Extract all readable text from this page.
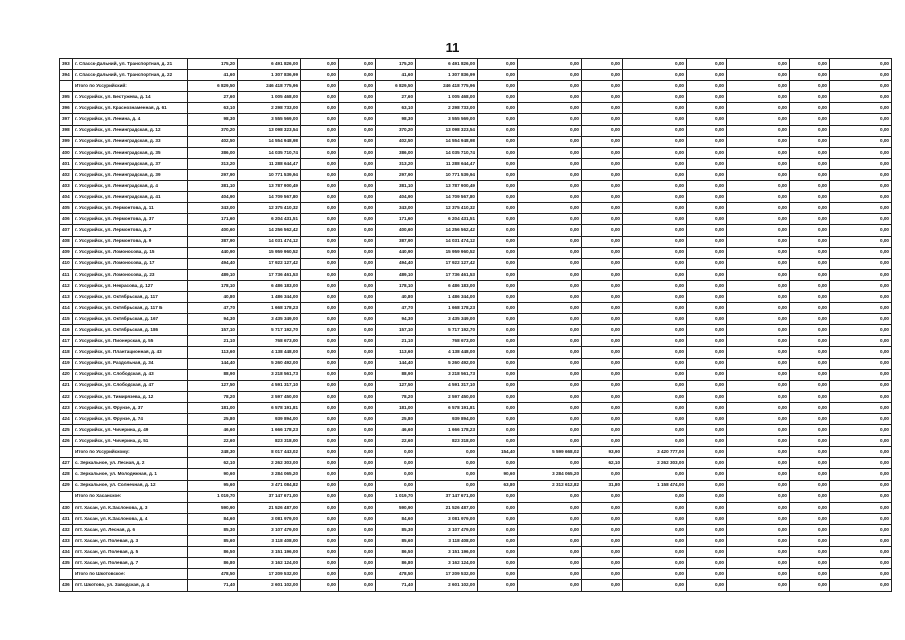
11
393	г. Спасск-Дальний, ул. Транспортная, д. 21	175,20	6 491 826,00	0,00	0,00	175,20	6 491 826,00	0,00	0,00	0,00	0,00	0,00	0,00	0,00	0,00
394	г. Спасск-Дальний, ул. Транспортная, д. 22	41,60	1 307 836,99	0,00	0,00	41,60	1 307 836,99	0,00	0,00	0,00	0,00	0,00	0,00	0,00	0,00
	Итого по Уссурийский:	6 829,50	246 418 775,96	0,00	0,00	6 829,50	246 418 775,96	0,00	0,00	0,00	0,00	0,00	0,00	0,00	0,00
395	г. Уссурийск, ул. Бестужева, д. 14	27,60	1 005 468,00	0,00	0,00	27,60	1 005 468,00	0,00	0,00	0,00	0,00	0,00	0,00	0,00	0,00
396	г. Уссурийск, ул. Краснознаменная, д. 61	63,10	2 298 733,00	0,00	0,00	63,10	2 298 733,00	0,00	0,00	0,00	0,00	0,00	0,00	0,00	0,00
397	г. Уссурийск, ул. Ленина, д. 4	98,30	3 555 569,00	0,00	0,00	98,30	3 555 569,00	0,00	0,00	0,00	0,00	0,00	0,00	0,00	0,00
398	г. Уссурийск, ул. Ленинградская, д. 12	370,20	13 098 323,54	0,00	0,00	370,20	13 098 323,54	0,00	0,00	0,00	0,00	0,00	0,00	0,00	0,00
399	г. Уссурийск, ул. Ленинградская, д. 33	402,50	14 554 948,98	0,00	0,00	402,50	14 554 948,98	0,00	0,00	0,00	0,00	0,00	0,00	0,00	0,00
400	г. Уссурийск, ул. Ленинградская, д. 35	386,00	14 035 710,74	0,00	0,00	386,00	14 035 710,74	0,00	0,00	0,00	0,00	0,00	0,00	0,00	0,00
401	г. Уссурийск, ул. Ленинградская, д. 37	313,20	11 288 644,47	0,00	0,00	313,20	11 288 644,47	0,00	0,00	0,00	0,00	0,00	0,00	0,00	0,00
402	г. Уссурийск, ул. Ленинградская, д. 39	297,90	10 771 539,94	0,00	0,00	297,90	10 771 539,94	0,00	0,00	0,00	0,00	0,00	0,00	0,00	0,00
403	г. Уссурийск, ул. Ленинградская, д. 4	381,10	13 787 900,49	0,00	0,00	381,10	13 787 900,49	0,00	0,00	0,00	0,00	0,00	0,00	0,00	0,00
404	г. Уссурийск, ул. Ленинградская, д. 41	404,90	14 709 567,80	0,00	0,00	404,90	14 709 567,80	0,00	0,00	0,00	0,00	0,00	0,00	0,00	0,00
405	г. Уссурийск, ул. Лермонтова, д. 11	343,00	12 375 410,32	0,00	0,00	343,00	12 375 410,32	0,00	0,00	0,00	0,00	0,00	0,00	0,00	0,00
406	г. Уссурийск, ул. Лермонтова, д. 37	171,60	6 204 431,51	0,00	0,00	171,60	6 204 431,51	0,00	0,00	0,00	0,00	0,00	0,00	0,00	0,00
407	г. Уссурийск, ул. Лермонтова, д. 7	400,60	14 256 562,42	0,00	0,00	400,60	14 256 562,42	0,00	0,00	0,00	0,00	0,00	0,00	0,00	0,00
408	г. Уссурийск, ул. Лермонтова, д. 9	387,90	14 031 474,12	0,00	0,00	387,90	14 031 474,12	0,00	0,00	0,00	0,00	0,00	0,00	0,00	0,00
409	г. Уссурийск, ул. Ломоносова, д. 15	440,90	15 959 960,52	0,00	0,00	440,90	15 959 960,52	0,00	0,00	0,00	0,00	0,00	0,00	0,00	0,00
410	г. Уссурийск, ул. Ломоносова, д. 17	494,40	17 922 127,42	0,00	0,00	494,40	17 922 127,42	0,00	0,00	0,00	0,00	0,00	0,00	0,00	0,00
411	г. Уссурийск, ул. Ломоносова, д. 23	489,10	17 736 461,53	0,00	0,00	489,10	17 736 461,53	0,00	0,00	0,00	0,00	0,00	0,00	0,00	0,00
412	г. Уссурийск, ул. Некрасова, д. 127	178,10	6 486 183,00	0,00	0,00	178,10	6 486 183,00	0,00	0,00	0,00	0,00	0,00	0,00	0,00	0,00
413	г. Уссурийск, ул. Октябрьская, д. 117	40,80	1 486 344,00	0,00	0,00	40,80	1 486 344,00	0,00	0,00	0,00	0,00	0,00	0,00	0,00	0,00
414	г. Уссурийск, ул. Октябрьская, д. 117 Б	47,70	1 668 178,23	0,00	0,00	47,70	1 668 178,23	0,00	0,00	0,00	0,00	0,00	0,00	0,00	0,00
415	г. Уссурийск, ул. Октябрьская, д. 167	94,30	3 435 349,00	0,00	0,00	94,30	3 435 349,00	0,00	0,00	0,00	0,00	0,00	0,00	0,00	0,00
416	г. Уссурийск, ул. Октябрьская, д. 186	157,10	5 717 192,70	0,00	0,00	157,10	5 717 192,70	0,00	0,00	0,00	0,00	0,00	0,00	0,00	0,00
417	г. Уссурийск, ул. Пионерская, д. 55	21,10	768 673,00	0,00	0,00	21,10	768 673,00	0,00	0,00	0,00	0,00	0,00	0,00	0,00	0,00
418	г. Уссурийск, ул. Плантационная, д. 43	113,60	4 138 448,00	0,00	0,00	113,60	4 138 448,00	0,00	0,00	0,00	0,00	0,00	0,00	0,00	0,00
419	г. Уссурийск, ул. Раздольная, д. 34	144,40	5 260 492,00	0,00	0,00	144,40	5 260 492,00	0,00	0,00	0,00	0,00	0,00	0,00	0,00	0,00
420	г. Уссурийск, ул. Слободская, д. 43	88,90	3 218 561,73	0,00	0,00	88,90	3 218 561,73	0,00	0,00	0,00	0,00	0,00	0,00	0,00	0,00
421	г. Уссурийск, ул. Слободская, д. 47	127,50	4 591 317,10	0,00	0,00	127,50	4 591 317,10	0,00	0,00	0,00	0,00	0,00	0,00	0,00	0,00
422	г. Уссурийск, ул. Тимирязева, д. 12	78,20	2 597 450,00	0,00	0,00	78,20	2 597 450,00	0,00	0,00	0,00	0,00	0,00	0,00	0,00	0,00
423	г. Уссурийск, ул. Фрунзе, д. 37	181,00	6 578 191,81	0,00	0,00	181,00	6 578 191,81	0,00	0,00	0,00	0,00	0,00	0,00	0,00	0,00
424	г. Уссурийск, ул. Фрунзе, д. 74	25,80	939 894,00	0,00	0,00	25,80	939 894,00	0,00	0,00	0,00	0,00	0,00	0,00	0,00	0,00
425	г. Уссурийск, ул. Чичерина, д. 49	46,60	1 666 178,23	0,00	0,00	46,60	1 666 178,23	0,00	0,00	0,00	0,00	0,00	0,00	0,00	0,00
426	г. Уссурийск, ул. Чичерина, д. 51	22,60	823 318,00	0,00	0,00	22,60	823 318,00	0,00	0,00	0,00	0,00	0,00	0,00	0,00	0,00
	Итого по Уссурийскому:	248,30	8 017 443,02	0,00	0,00	0,00	0,00	154,40	5 599 668,02	93,90	3 420 777,00	0,00	0,00	0,00	0,00
427	с. Зеркальное, ул. Лесная, д. 2	62,10	2 262 303,00	0,00	0,00	0,00	0,00	0,00	0,00	62,10	2 262 303,00	0,00	0,00	0,00	0,00
428	с. Зеркальное, ул. Молодежная, д. 1	90,60	3 284 065,20	0,00	0,00	0,00	0,00	90,60	3 284 065,20	0,00	0,00	0,00	0,00	0,00	0,00
429	с. Зеркальное, ул. Солнечная, д. 12	95,60	3 471 084,82	0,00	0,00	0,00	0,00	63,80	2 312 612,82	31,80	1 158 474,00	0,00	0,00	0,00	0,00
	Итого по Хасанское:	1 019,70	37 147 671,00	0,00	0,00	1 019,70	37 147 671,00	0,00	0,00	0,00	0,00	0,00	0,00	0,00	0,00
430	пгт. Хасан, ул. К.Заслонова, д. 3	590,90	21 526 487,00	0,00	0,00	590,90	21 526 487,00	0,00	0,00	0,00	0,00	0,00	0,00	0,00	0,00
431	пгт. Хасан, ул. К.Заслонова, д. 4	84,60	3 081 979,00	0,00	0,00	84,60	3 081 979,00	0,00	0,00	0,00	0,00	0,00	0,00	0,00	0,00
432	пгт. Хасан, ул. Лесная, д. 6	85,30	3 107 479,00	0,00	0,00	85,30	3 107 479,00	0,00	0,00	0,00	0,00	0,00	0,00	0,00	0,00
433	пгт. Хасан, ул. Полевая, д. 3	85,60	3 118 408,00	0,00	0,00	85,60	3 118 408,00	0,00	0,00	0,00	0,00	0,00	0,00	0,00	0,00
434	пгт. Хасан, ул. Полевая, д. 5	86,50	3 151 196,00	0,00	0,00	86,50	3 151 196,00	0,00	0,00	0,00	0,00	0,00	0,00	0,00	0,00
435	пгт. Хасан, ул. Полевая, д. 7	86,80	3 162 124,00	0,00	0,00	86,80	3 162 124,00	0,00	0,00	0,00	0,00	0,00	0,00	0,00	0,00
	Итого по Шкотовское:	478,50	17 209 532,00	0,00	0,00	478,50	17 209 532,00	0,00	0,00	0,00	0,00	0,00	0,00	0,00	0,00
436	пгт. Шкотово, ул. Заводская, д. 4	71,40	2 601 102,00	0,00	0,00	71,40	2 601 102,00	0,00	0,00	0,00	0,00	0,00	0,00	0,00	0,00
